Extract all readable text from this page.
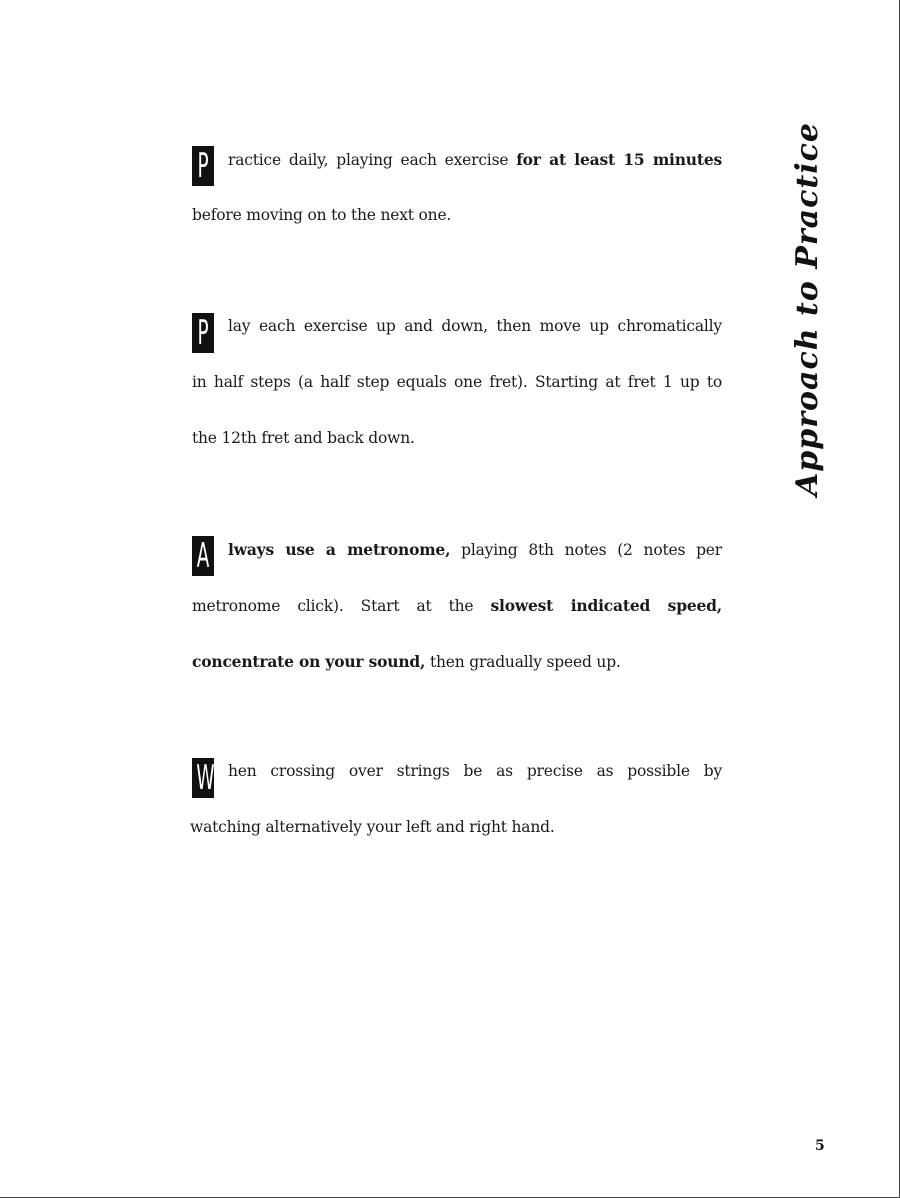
P ractice daily, playing each exercise for at least 15 minutes
before moving on to the next one.
P lay each exercise up and down, then move up chromatically
in half steps (a half step equals one fret). Starting at fret 1 up to
the 12th fret and back down.
A lways use a metronome, playing 8th notes (2 notes per
metronome click). Start at the slowest indicated speed,
concentrate on your sound, then gradually speed up.
W hen crossing over strings be as precise as possible by
watching alternatively your left and right hand.
Approach to Practice
5
